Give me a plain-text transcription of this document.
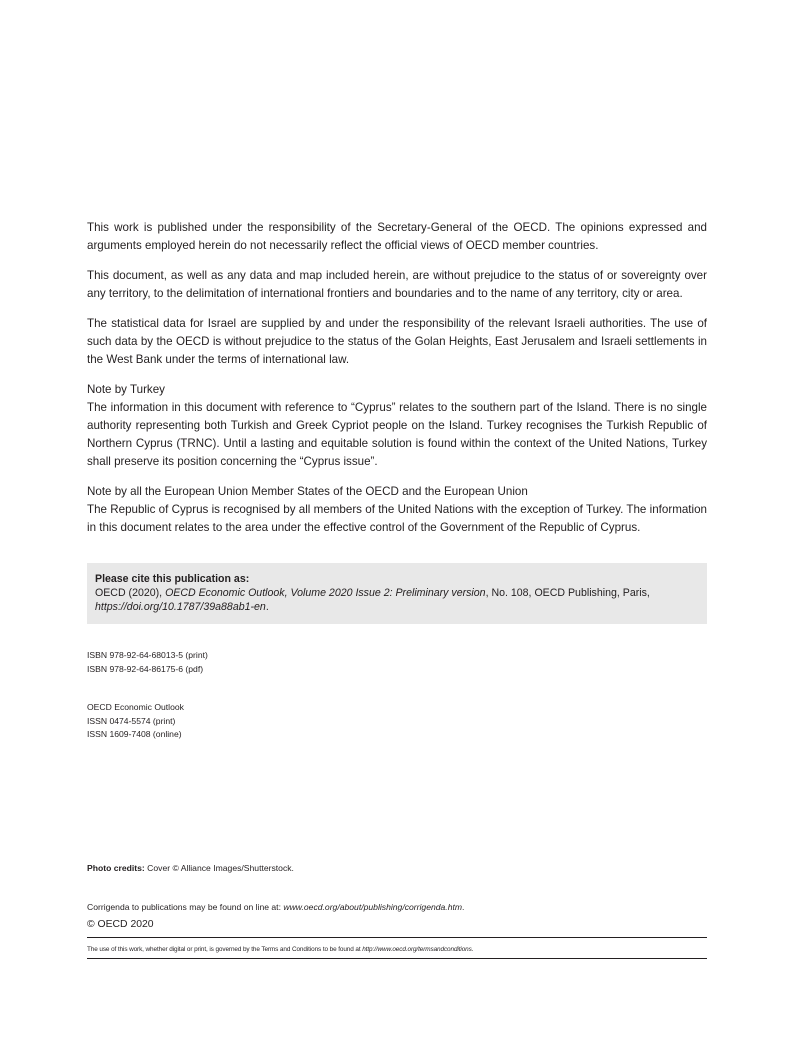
This work is published under the responsibility of the Secretary-General of the OECD. The opinions expressed and arguments employed herein do not necessarily reflect the official views of OECD member countries.

This document, as well as any data and map included herein, are without prejudice to the status of or sovereignty over any territory, to the delimitation of international frontiers and boundaries and to the name of any territory, city or area.

The statistical data for Israel are supplied by and under the responsibility of the relevant Israeli authorities. The use of such data by the OECD is without prejudice to the status of the Golan Heights, East Jerusalem and Israeli settlements in the West Bank under the terms of international law.

Note by Turkey
The information in this document with reference to “Cyprus” relates to the southern part of the Island. There is no single authority representing both Turkish and Greek Cypriot people on the Island. Turkey recognises the Turkish Republic of Northern Cyprus (TRNC). Until a lasting and equitable solution is found within the context of the United Nations, Turkey shall preserve its position concerning the “Cyprus issue”.
Note by all the European Union Member States of the OECD and the European Union
The Republic of Cyprus is recognised by all members of the United Nations with the exception of Turkey. The information in this document relates to the area under the effective control of the Government of the Republic of Cyprus.
Please cite this publication as:
OECD (2020), OECD Economic Outlook, Volume 2020 Issue 2: Preliminary version, No. 108, OECD Publishing, Paris,
https://doi.org/10.1787/39a88ab1-en.
ISBN 978-92-64-68013-5 (print)
ISBN 978-92-64-86175-6 (pdf)
OECD Economic Outlook
ISSN 0474-5574 (print)
ISSN 1609-7408 (online)
Photo credits: Cover © Alliance Images/Shutterstock.
Corrigenda to publications may be found on line at: www.oecd.org/about/publishing/corrigenda.htm.
© OECD 2020
The use of this work, whether digital or print, is governed by the Terms and Conditions to be found at http://www.oecd.org/termsandconditions.
